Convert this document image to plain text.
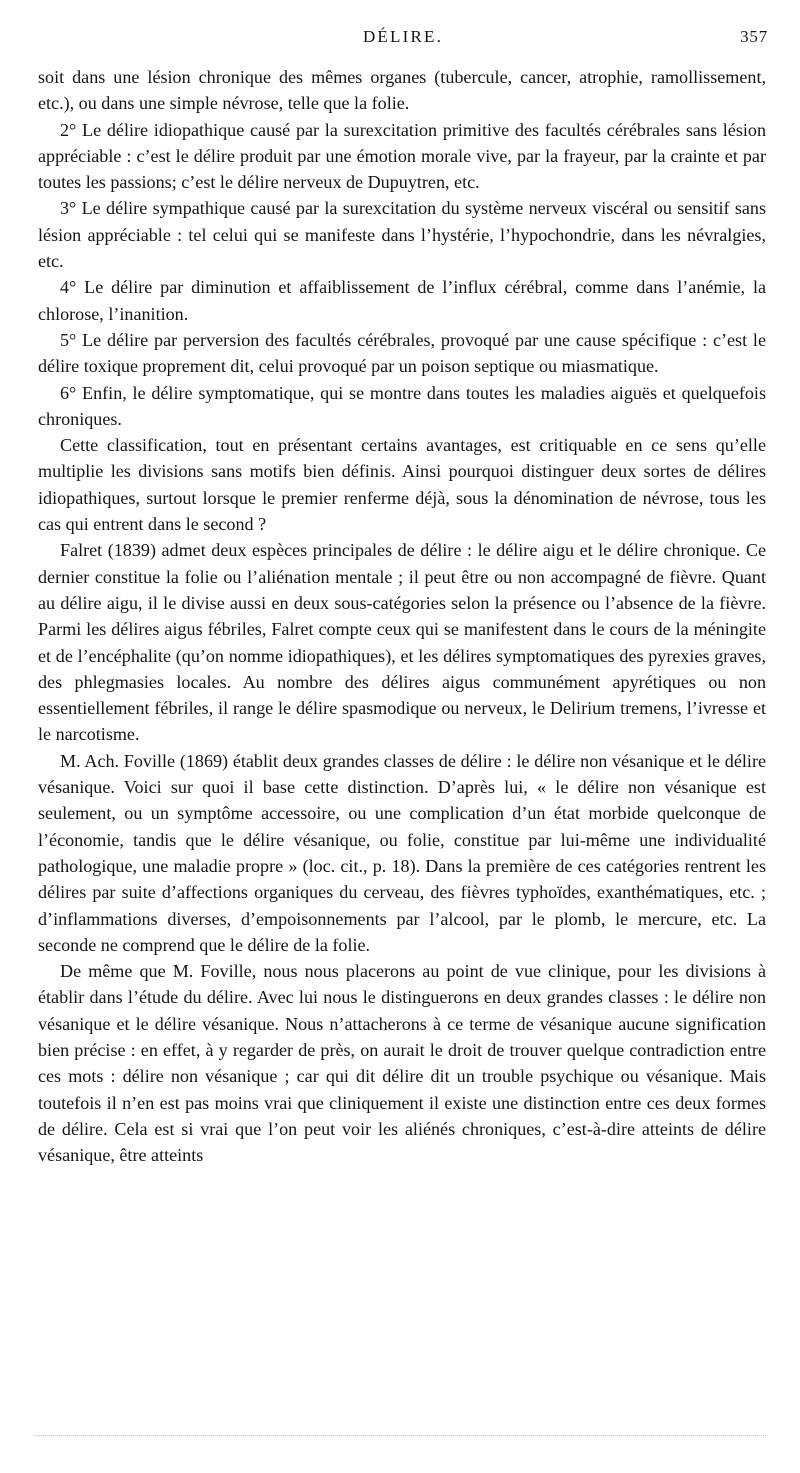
DÉLIRE.	357

soit dans une lésion chronique des mêmes organes (tubercule, cancer, atrophie, ramollissement, etc.), ou dans une simple névrose, telle que la folie.

2° Le délire idiopathique causé par la surexcitation primitive des facultés cérébrales sans lésion appréciable : c’est le délire produit par une émotion morale vive, par la frayeur, par la crainte et par toutes les passions; c’est le délire nerveux de Dupuytren, etc.

3° Le délire sympathique causé par la surexcitation du système nerveux viscéral ou sensitif sans lésion appréciable : tel celui qui se manifeste dans l’hystérie, l’hypochondrie, dans les névralgies, etc.

4° Le délire par diminution et affaiblissement de l’influx cérébral, comme dans l’anémie, la chlorose, l’inanition.

5° Le délire par perversion des facultés cérébrales, provoqué par une cause spécifique : c’est le délire toxique proprement dit, celui provoqué par un poison septique ou miasmatique.

6° Enfin, le délire symptomatique, qui se montre dans toutes les maladies aiguës et quelquefois chroniques.

Cette classification, tout en présentant certains avantages, est critiquable en ce sens qu’elle multiplie les divisions sans motifs bien définis. Ainsi pourquoi distinguer deux sortes de délires idiopathiques, surtout lorsque le premier renferme déjà, sous la dénomination de névrose, tous les cas qui entrent dans le second ?

Falret (1839) admet deux espèces principales de délire : le délire aigu et le délire chronique. Ce dernier constitue la folie ou l’aliénation mentale ; il peut être ou non accompagné de fièvre. Quant au délire aigu, il le divise aussi en deux sous-catégories selon la présence ou l’absence de la fièvre. Parmi les délires aigus fébriles, Falret compte ceux qui se manifestent dans le cours de la méningite et de l’encéphalite (qu’on nomme idiopathiques), et les délires symptomatiques des pyrexies graves, des phlegmasies locales. Au nombre des délires aigus communément apyrétiques ou non essentiellement fébriles, il range le délire spasmodique ou nerveux, le Delirium tremens, l’ivresse et le narcotisme.

M. Ach. Foville (1869) établit deux grandes classes de délire : le délire non vésanique et le délire vésanique. Voici sur quoi il base cette distinction. D’après lui, « le délire non vésanique est seulement, ou un symptôme accessoire, ou une complication d’un état morbide quelconque de l’économie, tandis que le délire vésanique, ou folie, constitue par lui-même une individualité pathologique, une maladie propre » (loc. cit., p. 18). Dans la première de ces catégories rentrent les délires par suite d’affections organiques du cerveau, des fièvres typhoïdes, exanthématiques, etc. ; d’inflammations diverses, d’empoisonnements par l’alcool, par le plomb, le mercure, etc. La seconde ne comprend que le délire de la folie.

De même que M. Foville, nous nous placerons au point de vue clinique, pour les divisions à établir dans l’étude du délire. Avec lui nous le distinguerons en deux grandes classes : le délire non vésanique et le délire vésanique. Nous n’attacherons à ce terme de vésanique aucune signification bien précise : en effet, à y regarder de près, on aurait le droit de trouver quelque contradiction entre ces mots : délire non vésanique ; car qui dit délire dit un trouble psychique ou vésanique. Mais toutefois il n’en est pas moins vrai que cliniquement il existe une distinction entre ces deux formes de délire. Cela est si vrai que l’on peut voir les aliénés chroniques, c’est-à-dire atteints de délire vésanique, être atteints
